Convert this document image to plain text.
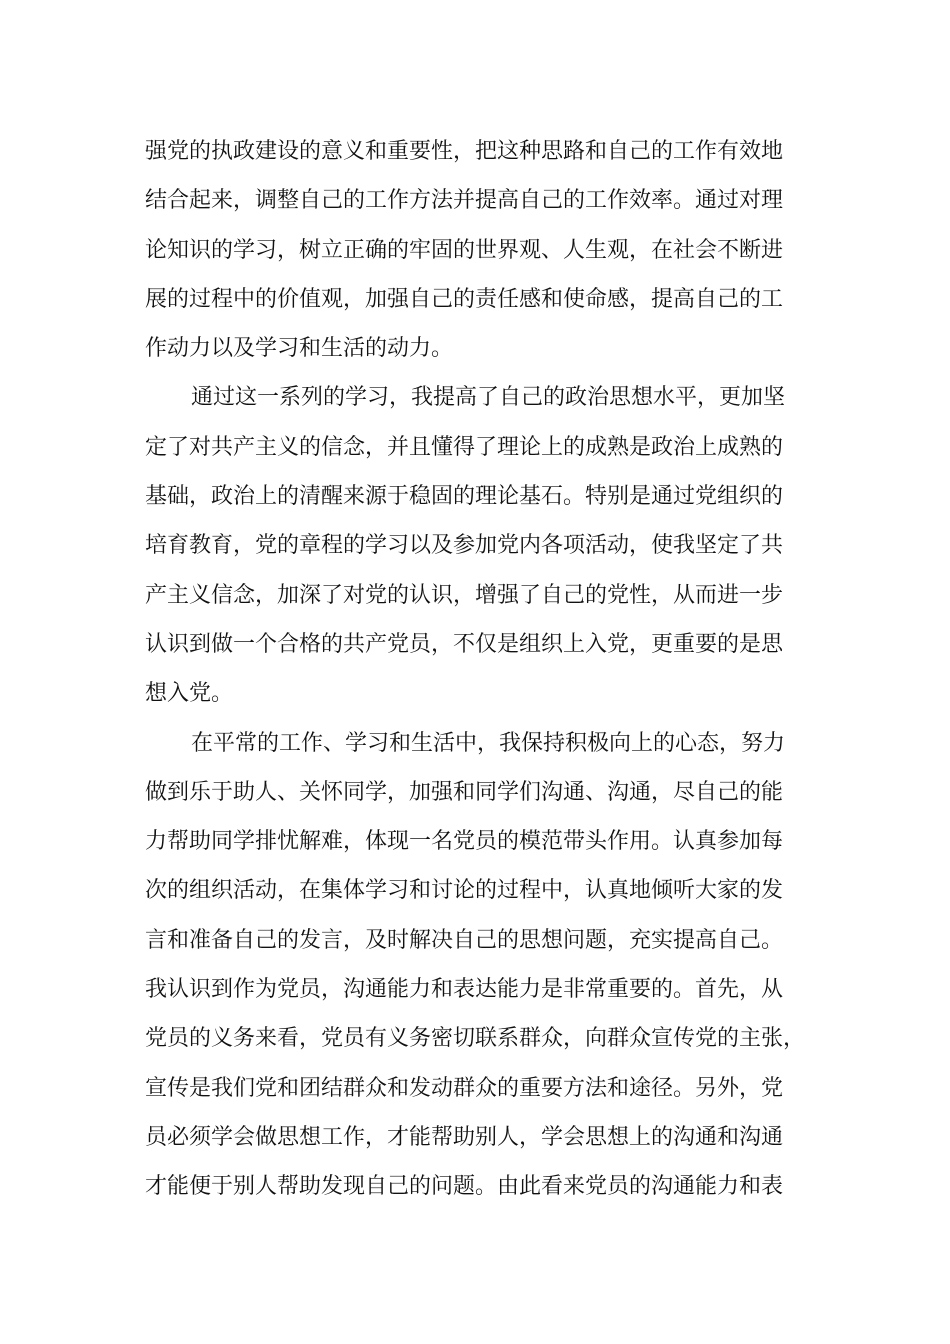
强党的执政建设的意义和重要性，把这种思路和自己的工作有效地
结合起来，调整自己的工作方法并提高自己的工作效率。通过对理
论知识的学习，树立正确的牢固的世界观、人生观，在社会不断进
展的过程中的价值观，加强自己的责任感和使命感，提高自己的工
作动力以及学习和生活的动力。
通过这一系列的学习，我提高了自己的政治思想水平，更加坚
定了对共产主义的信念，并且懂得了理论上的成熟是政治上成熟的
基础，政治上的清醒来源于稳固的理论基石。特别是通过党组织的
培育教育，党的章程的学习以及参加党内各项活动，使我坚定了共
产主义信念，加深了对党的认识，增强了自己的党性，从而进一步
认识到做一个合格的共产党员，不仅是组织上入党，更重要的是思
想入党。
在平常的工作、学习和生活中，我保持积极向上的心态，努力
做到乐于助人、关怀同学，加强和同学们沟通、沟通，尽自己的能
力帮助同学排忧解难，体现一名党员的模范带头作用。认真参加每
次的组织活动，在集体学习和讨论的过程中，认真地倾听大家的发
言和准备自己的发言，及时解决自己的思想问题，充实提高自己。
我认识到作为党员，沟通能力和表达能力是非常重要的。首先，从
党员的义务来看，党员有义务密切联系群众，向群众宣传党的主张，
宣传是我们党和团结群众和发动群众的重要方法和途径。另外，党
员必须学会做思想工作，才能帮助别人，学会思想上的沟通和沟通
才能便于别人帮助发现自己的问题。由此看来党员的沟通能力和表
